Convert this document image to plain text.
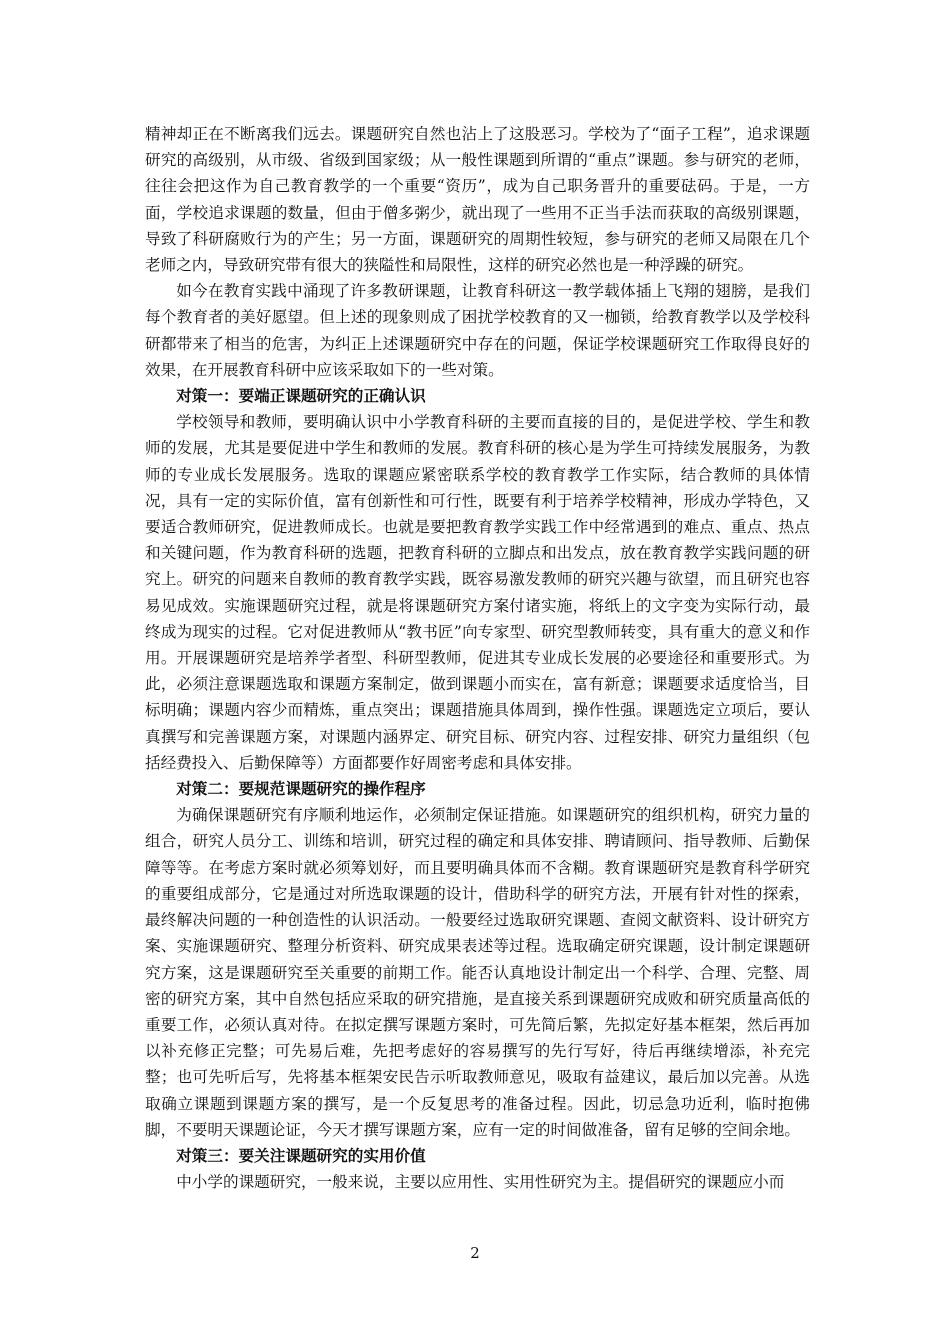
精神却正在不断离我们远去。课题研究自然也沾上了这股恶习。学校为了“面子工程”，追求课题研究的高级别，从市级、省级到国家级；从一般性课题到所谓的“重点”课题。参与研究的老师，往往会把这作为自己教育教学的一个重要“资历”，成为自己职务晋升的重要砝码。于是，一方面，学校追求课题的数量，但由于僧多粥少，就出现了一些用不正当手法而获取的高级别课题，导致了科研腐败行为的产生；另一方面，课题研究的周期性较短，参与研究的老师又局限在几个老师之内，导致研究带有很大的狭隘性和局限性，这样的研究必然也是一种浮躁的研究。

如今在教育实践中涌现了许多教研课题，让教育科研这一教学载体插上飞翔的翅膀，是我们每个教育者的美好愿望。但上述的现象则成了困扰学校教育的又一枷锁，给教育教学以及学校科研都带来了相当的危害，为纠正上述课题研究中存在的问题，保证学校课题研究工作取得良好的效果，在开展教育科研中应该采取如下的一些对策。

对策一：要端正课题研究的正确认识

学校领导和教师，要明确认识中小学教育科研的主要而直接的目的，是促进学校、学生和教师的发展，尤其是要促进中学生和教师的发展。教育科研的核心是为学生可持续发展服务，为教师的专业成长发展服务。选取的课题应紧密联系学校的教育教学工作实际，结合教师的具体情况，具有一定的实际价值，富有创新性和可行性，既要有利于培养学校精神，形成办学特色，又要适合教师研究，促进教师成长。也就是要把教育教学实践工作中经常遇到的难点、重点、热点和关键问题，作为教育科研的选题，把教育科研的立脚点和出发点，放在教育教学实践问题的研究上。研究的问题来自教师的教育教学实践，既容易激发教师的研究兴趣与欲望，而且研究也容易见成效。实施课题研究过程，就是将课题研究方案付诸实施，将纸上的文字变为实际行动，最终成为现实的过程。它对促进教师从“教书匠”向专家型、研究型教师转变，具有重大的意义和作用。开展课题研究是培养学者型、科研型教师，促进其专业成长发展的必要途径和重要形式。为此，必须注意课题选取和课题方案制定，做到课题小而实在，富有新意；课题要求适度恰当，目标明确；课题内容少而精炼，重点突出；课题措施具体周到，操作性强。课题选定立项后，要认真撰写和完善课题方案，对课题内涵界定、研究目标、研究内容、过程安排、研究力量组织（包括经费投入、后勤保障等）方面都要作好周密考虑和具体安排。

对策二：要规范课题研究的操作程序

为确保课题研究有序顺利地运作，必须制定保证措施。如课题研究的组织机构，研究力量的组合，研究人员分工、训练和培训，研究过程的确定和具体安排、聘请顾问、指导教师、后勤保障等等。在考虑方案时就必须筹划好，而且要明确具体而不含糊。教育课题研究是教育科学研究的重要组成部分，它是通过对所选取课题的设计，借助科学的研究方法，开展有针对性的探索，最终解决问题的一种创造性的认识活动。一般要经过选取研究课题、查阅文献资料、设计研究方案、实施课题研究、整理分析资料、研究成果表述等过程。选取确定研究课题，设计制定课题研究方案，这是课题研究至关重要的前期工作。能否认真地设计制定出一个科学、合理、完整、周密的研究方案，其中自然包括应采取的研究措施，是直接关系到课题研究成败和研究质量高低的重要工作，必须认真对待。在拟定撰写课题方案时，可先简后繁，先拟定好基本框架，然后再加以补充修正完整；可先易后难，先把考虑好的容易撰写的先行写好，待后再继续增添，补充完整；也可先听后写，先将基本框架安民告示听取教师意见，吸取有益建议，最后加以完善。从选取确立课题到课题方案的撰写，是一个反复思考的准备过程。因此，切忌急功近利，临时抱佛脚，不要明天课题论证，今天才撰写课题方案，应有一定的时间做准备，留有足够的空间余地。

对策三：要关注课题研究的实用价值

中小学的课题研究，一般来说，主要以应用性、实用性研究为主。提倡研究的课题应小而

2
